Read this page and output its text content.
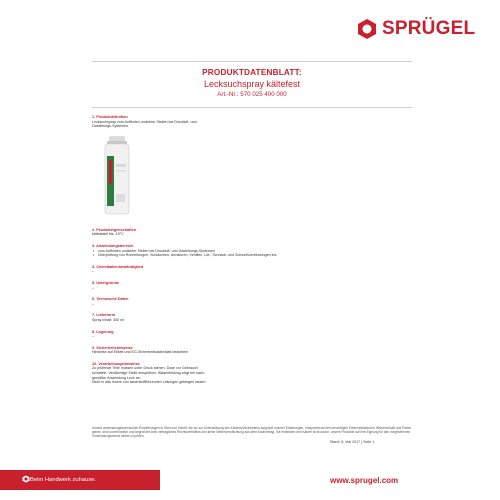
SPRÜGEL
PRODUKTDATENBLATT:
Lecksuchspray kältefest
Art.-Nr.: 570 025 400 000
1. Produktdefinition
Lecksuchspray zum Auffinden undichter Stellen bei Druckluft- und
Gasleitungs-Systemen
2. Produkteigenschaften
kältestabil bis -15°C
3. Anwendungsbereich
• zum Auffinden undichter Stellen bei Druckluft- und Gasleitungs-Systemen
• Überprüfung von Rohrleitungen, Schläuchen, Armaturen, Ventilen, Löt-, Schraub- und Schweißverbindungen etc.
4. Chemikalienbeständigkeit
--
5. Untergründe
--
6. Technische Daten
--
7. Lieferform
Spray Inhalt: 400 ml
8. Lagerung
--
9. Sicherheitshinweise
Hinweise auf Etikett und EG-Sicherheitsdatenblatt beachten!
10. Verarbeitungshinweise
Zu prüfende Teile müssen unter Druck stehen. Dose vor Gebrauch
schütteln. Verdächtige Stelle einsprühen. Blasenbildung zeigt bei sach-
gemäßer Anwendung Leck an.
Nicht in das Innere von sauerstoffführenden Leitungen gelangen lassen.
Unsere anwendungstechnischen Empfehlungen in Wort und Schrift, die wir zur Unterstützung des Käufers/Verarbeiters aufgrund unserer Erfahrungen, entsprechend dem derzeitigen Erkenntnisstand in Wissenschaft und Praxis geben, sind unverbindlich und begründen kein vertragliches Rechtsverhältnis und keine Nebenverpflichtung aus dem Kaufvertrag. Sie entbinden den Käufer nicht davon, unsere Produkte auf ihre Eignung für den vorgesehenen Verwendungszweck selbst zu prüfen.
Stand: 8. Mai 2017 | Seite 1
Beim Handwerk zuhause.	www.sprugel.com
